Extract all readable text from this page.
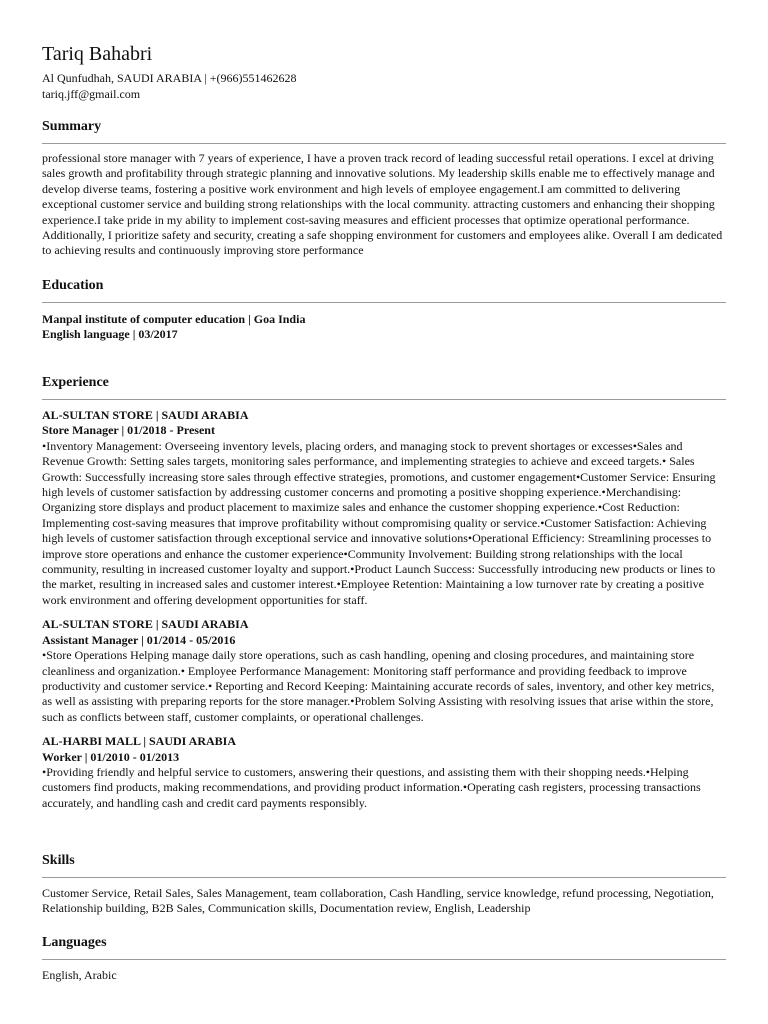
Tariq Bahabri
Al Qunfudhah, SAUDI ARABIA | +(966)551462628
tariq.jff@gmail.com
Summary

professional store manager with 7 years of experience, I have a proven track record of leading successful retail operations. I excel at driving sales growth and profitability through strategic planning and innovative solutions. My leadership skills enable me to effectively manage and develop diverse teams, fostering a positive work environment and high levels of employee engagement.I am committed to delivering exceptional customer service and building strong relationships with the local community. attracting customers and enhancing their shopping experience.I take pride in my ability to implement cost-saving measures and efficient processes that optimize operational performance. Additionally, I prioritize safety and security, creating a safe shopping environment for customers and employees alike. Overall I am dedicated to achieving results and continuously improving store performance

Education
Manpal institute of computer education | Goa India
English language | 03/2017
Experience
AL-SULTAN STORE | SAUDI ARABIA
Store Manager | 01/2018 - Present

•Inventory Management: Overseeing inventory levels, placing orders, and managing stock to prevent shortages or excesses•Sales and Revenue Growth: Setting sales targets, monitoring sales performance, and implementing strategies to achieve and exceed targets.• Sales Growth: Successfully increasing store sales through effective strategies, promotions, and customer engagement•Customer Service: Ensuring high levels of customer satisfaction by addressing customer concerns and promoting a positive shopping experience.•Merchandising: Organizing store displays and product placement to maximize sales and enhance the customer shopping experience.•Cost Reduction: Implementing cost-saving measures that improve profitability without compromising quality or service.•Customer Satisfaction: Achieving high levels of customer satisfaction through exceptional service and innovative solutions•Operational Efficiency: Streamlining processes to improve store operations and enhance the customer experience•Community Involvement: Building strong relationships with the local community, resulting in increased customer loyalty and support.•Product Launch Success: Successfully introducing new products or lines to the market, resulting in increased sales and customer interest.•Employee Retention: Maintaining a low turnover rate by creating a positive work environment and offering development opportunities for staff.

AL-SULTAN STORE | SAUDI ARABIA
Assistant Manager | 01/2014 - 05/2016

•Store Operations Helping manage daily store operations, such as cash handling, opening and closing procedures, and maintaining store cleanliness and organization.• Employee Performance Management: Monitoring staff performance and providing feedback to improve productivity and customer service.• Reporting and Record Keeping: Maintaining accurate records of sales, inventory, and other key metrics, as well as assisting with preparing reports for the store manager.•Problem Solving Assisting with resolving issues that arise within the store, such as conflicts between staff, customer complaints, or operational challenges.

AL-HARBI MALL | SAUDI ARABIA
Worker | 01/2010 - 01/2013

•Providing friendly and helpful service to customers, answering their questions, and assisting them with their shopping needs.•Helping customers find products, making recommendations, and providing product information.•Operating cash registers, processing transactions accurately, and handling cash and credit card payments responsibly.

Skills

Customer Service, Retail Sales, Sales Management, team collaboration, Cash Handling, service knowledge, refund processing, Negotiation, Relationship building, B2B Sales, Communication skills, Documentation review, English, Leadership

Languages

English, Arabic
